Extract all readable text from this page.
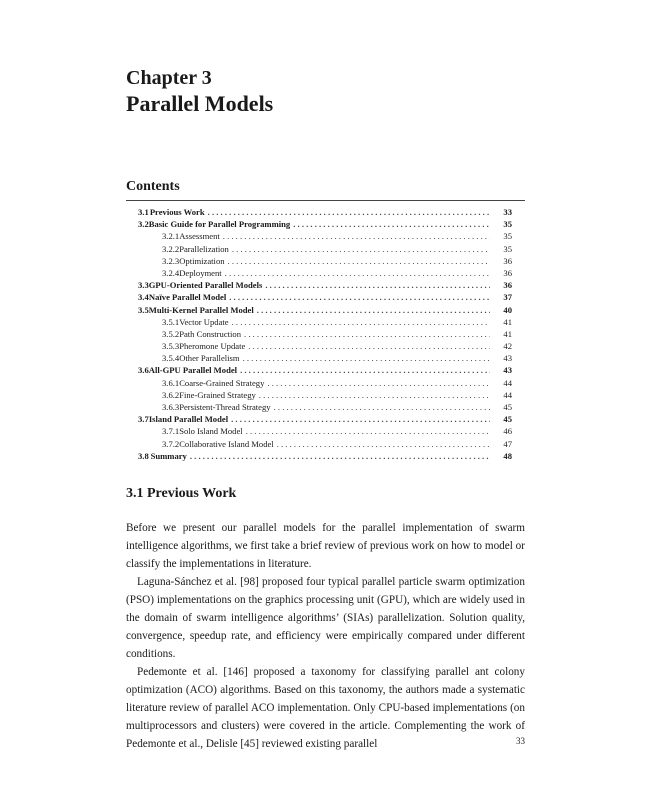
Chapter 3
Parallel Models
Contents
3.1 Previous Work . . .	33
3.2 Basic Guide for Parallel Programming . . .	35
3.2.1 Assessment . . .	35
3.2.2 Parallelization . . .	35
3.2.3 Optimization . . .	36
3.2.4 Deployment . . .	36
3.3 GPU-Oriented Parallel Models . . .	36
3.4 Naïve Parallel Model . . .	37
3.5 Multi-Kernel Parallel Model . . .	40
3.5.1 Vector Update . . .	41
3.5.2 Path Construction . . .	41
3.5.3 Pheromone Update . . .	42
3.5.4 Other Parallelism . . .	43
3.6 All-GPU Parallel Model . . .	43
3.6.1 Coarse-Grained Strategy . . .	44
3.6.2 Fine-Grained Strategy . . .	44
3.6.3 Persistent-Thread Strategy . . .	45
3.7 Island Parallel Model . . .	45
3.7.1 Solo Island Model . . .	46
3.7.2 Collaborative Island Model . . .	47
3.8 Summary . . .	48
3.1 Previous Work

Before we present our parallel models for the parallel implementation of swarm intelligence algorithms, we first take a brief review of previous work on how to model or classify the implementations in literature.

Laguna-Sánchez et al. [98] proposed four typical parallel particle swarm optimization (PSO) implementations on the graphics processing unit (GPU), which are widely used in the domain of swarm intelligence algorithms’ (SIAs) parallelization. Solution quality, convergence, speedup rate, and efficiency were empirically compared under different conditions.

Pedemonte et al. [146] proposed a taxonomy for classifying parallel ant colony optimization (ACO) algorithms. Based on this taxonomy, the authors made a systematic literature review of parallel ACO implementation. Only CPU-based implementations (on multiprocessors and clusters) were covered in the article. Complementing the work of Pedemonte et al., Delisle [45] reviewed existing parallel	33
